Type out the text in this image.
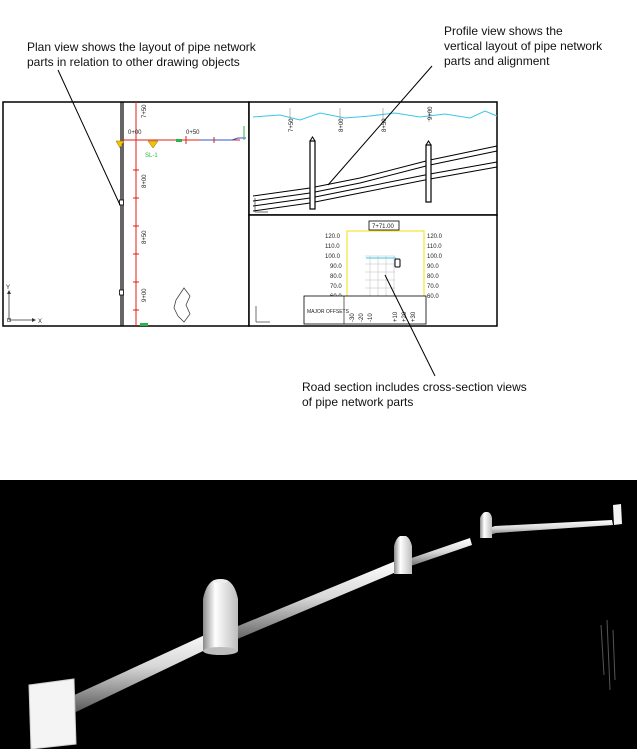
Plan view shows the layout of pipe network
parts in relation to other drawing objects
Profile view shows the
vertical layout of pipe network
parts and alignment
Road section includes cross-section views
of pipe network parts
7+50
0+00	0+50
8+00
8+50
9+00
SL-1
Y
X
7+50	8+00	8+50
9+00
7+71.00
120.0
110.0
100.0
90.0
80.0
70.0
120.0
110.0
100.0
90.0
80.0
70.0
60.0
MAJOR OFFSETS
-30 -20 -10	+10 +20 +30
